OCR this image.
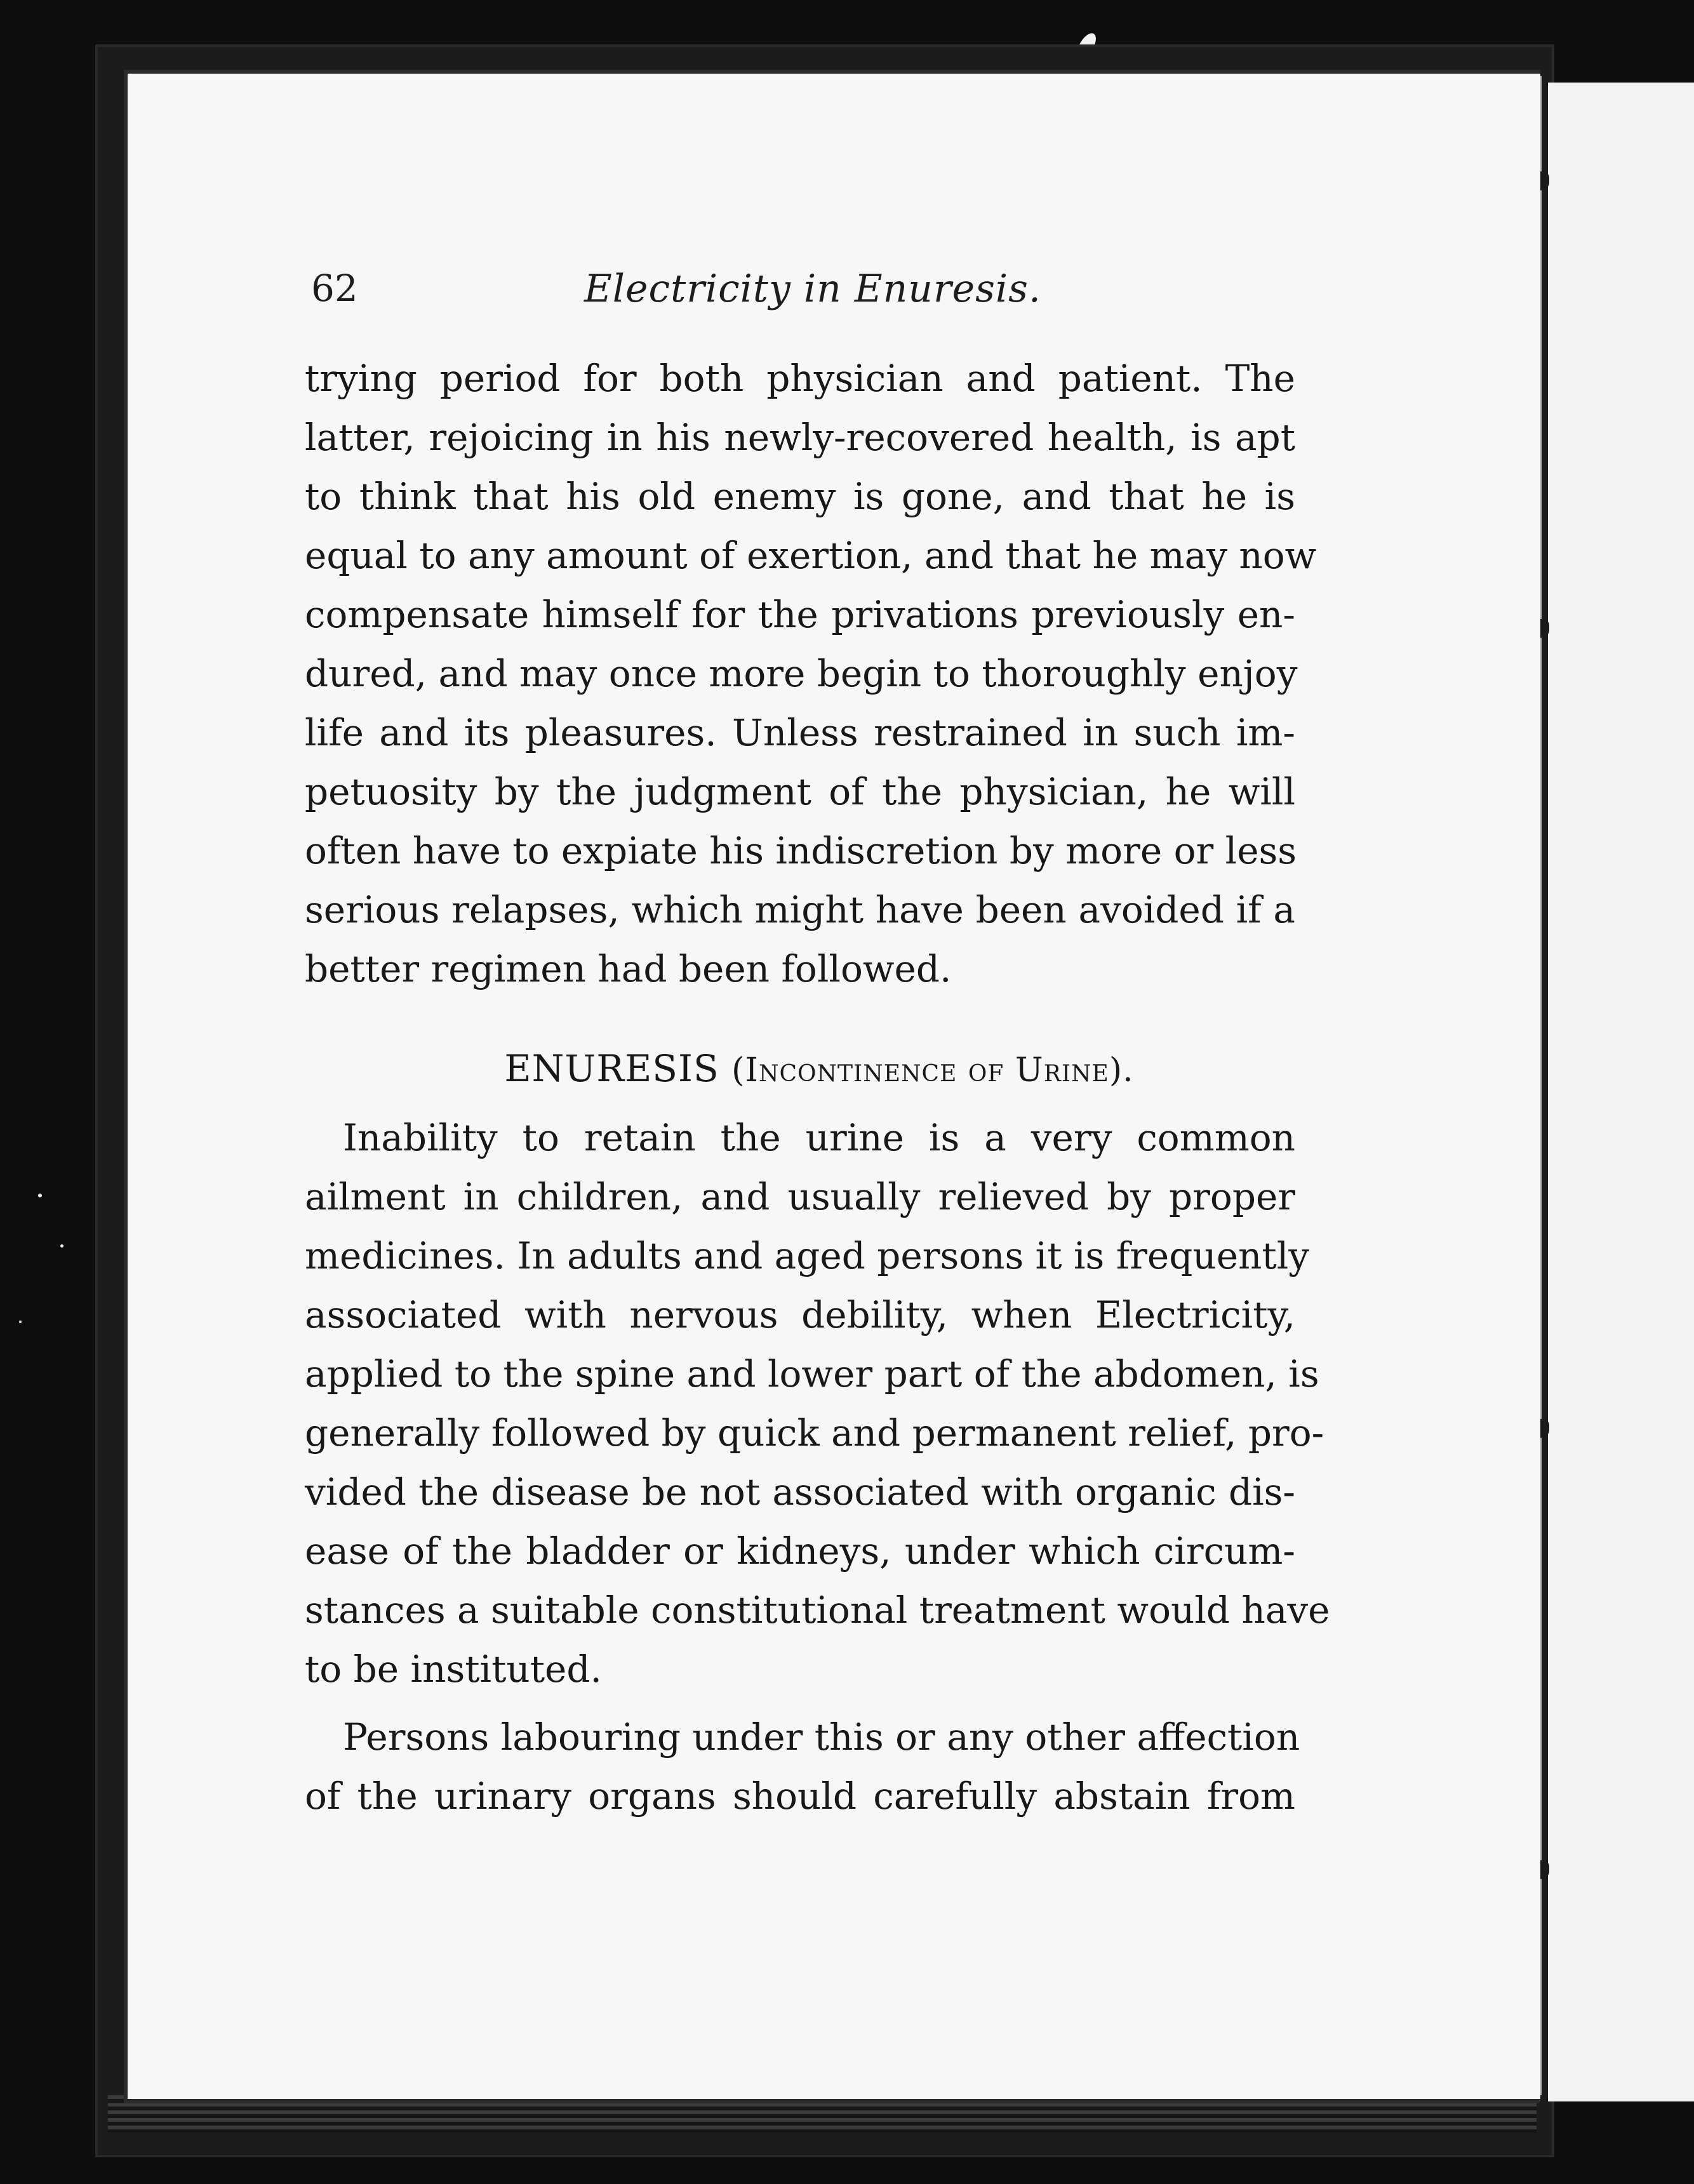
62	Electricity in Enuresis.
trying period for both physician and patient. The
latter, rejoicing in his newly-recovered health, is apt
to think that his old enemy is gone, and that he is
equal to any amount of exertion, and that he may now
compensate himself for the privations previously en-
dured, and may once more begin to thoroughly enjoy
life and its pleasures. Unless restrained in such im-
petuosity by the judgment of the physician, he will
often have to expiate his indiscretion by more or less
serious relapses, which might have been avoided if a
better regimen had been followed.
ENURESIS (Incontinence of Urine).
Inability to retain the urine is a very common
ailment in children, and usually relieved by proper
medicines. In adults and aged persons it is frequently
associated with nervous debility, when Electricity,
applied to the spine and lower part of the abdomen, is
generally followed by quick and permanent relief, pro-
vided the disease be not associated with organic dis-
ease of the bladder or kidneys, under which circum-
stances a suitable constitutional treatment would have
to be instituted.
Persons labouring under this or any other affection
of the urinary organs should carefully abstain from
